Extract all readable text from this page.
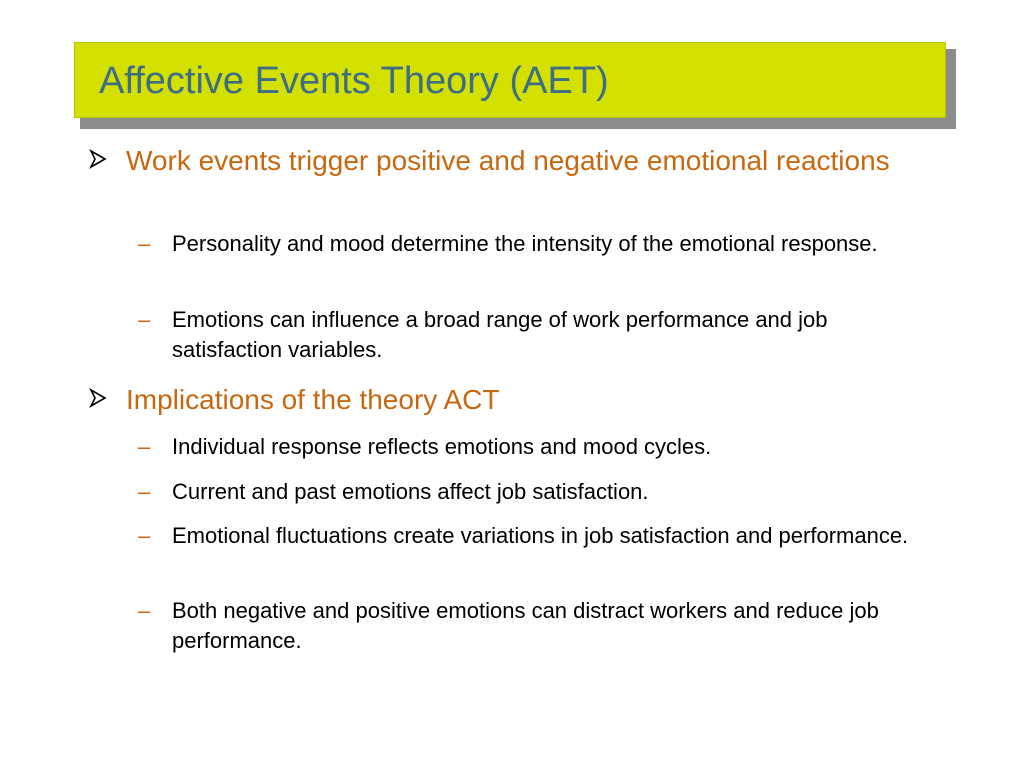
Affective Events Theory (AET)
Work events trigger positive and negative emotional reactions
– Personality and mood determine the intensity of the emotional response.
– Emotions can influence a broad range of work performance and job satisfaction variables.
Implications of the theory ACT
– Individual response reflects emotions and mood cycles.
– Current and past emotions affect job satisfaction.
– Emotional fluctuations create variations in job satisfaction and performance.
– Both negative and positive emotions can distract workers and reduce job performance.
